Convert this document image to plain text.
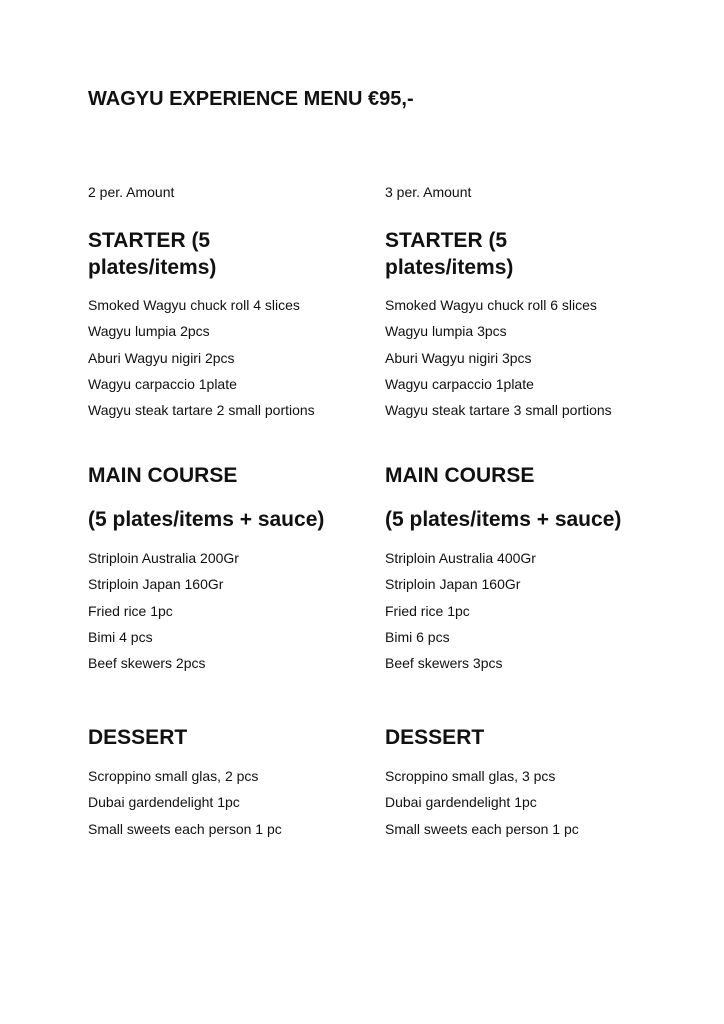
WAGYU EXPERIENCE MENU €95,-

2 per. Amount

STARTER (5
plates/items)
Smoked Wagyu chuck roll 4 slices
Wagyu lumpia 2pcs
Aburi Wagyu nigiri 2pcs
Wagyu carpaccio 1plate
Wagyu steak tartare 2 small portions
MAIN COURSE
(5 plates/items + sauce)
Striploin Australia 200Gr
Striploin Japan 160Gr
Fried rice 1pc
Bimi 4 pcs
Beef skewers 2pcs
DESSERT
Scroppino small glas, 2 pcs
Dubai gardendelight 1pc
Small sweets each person 1 pc

3 per. Amount

STARTER (5
plates/items)
Smoked Wagyu chuck roll 6 slices
Wagyu lumpia 3pcs
Aburi Wagyu nigiri 3pcs
Wagyu carpaccio 1plate
Wagyu steak tartare 3 small portions
MAIN COURSE
(5 plates/items + sauce)
Striploin Australia 400Gr
Striploin Japan 160Gr
Fried rice 1pc
Bimi 6 pcs
Beef skewers 3pcs
DESSERT
Scroppino small glas, 3 pcs
Dubai gardendelight 1pc
Small sweets each person 1 pc
